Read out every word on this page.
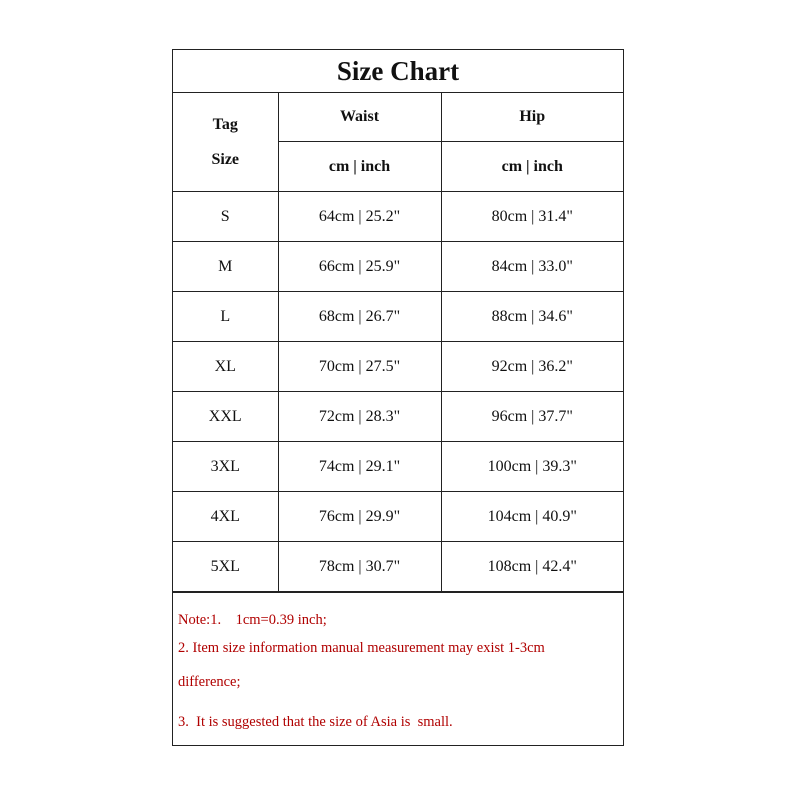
Size Chart
Tag
Size	Waist	Hip
	cm | inch	cm | inch
S	64cm | 25.2"	80cm | 31.4"
M	66cm | 25.9"	84cm | 33.0"
L	68cm | 26.7"	88cm | 34.6"
XL	70cm | 27.5"	92cm | 36.2"
XXL	72cm | 28.3"	96cm | 37.7"
3XL	74cm | 29.1"	100cm | 39.3"
4XL	76cm | 29.9"	104cm | 40.9"
5XL	78cm | 30.7"	108cm | 42.4"
Note:1.    1cm=0.39 inch;
2. Item size information manual measurement may exist 1-3cm
difference;
3.  It is suggested that the size of Asia is  small.
